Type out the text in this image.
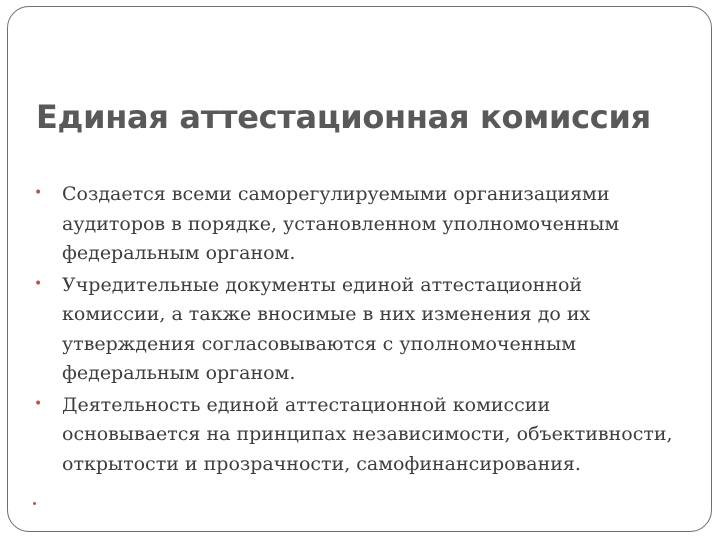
Единая аттестационная комиссия
• Создается всеми саморегулируемыми организациями аудиторов в порядке, установленном уполномоченным федеральным органом.
• Учредительные документы единой аттестационной комиссии, а также вносимые в них изменения до их утверждения согласовываются с уполномоченным федеральным органом.
• Деятельность единой аттестационной комиссии основывается на принципах независимости, объективности, открытости и прозрачности, самофинансирования.
